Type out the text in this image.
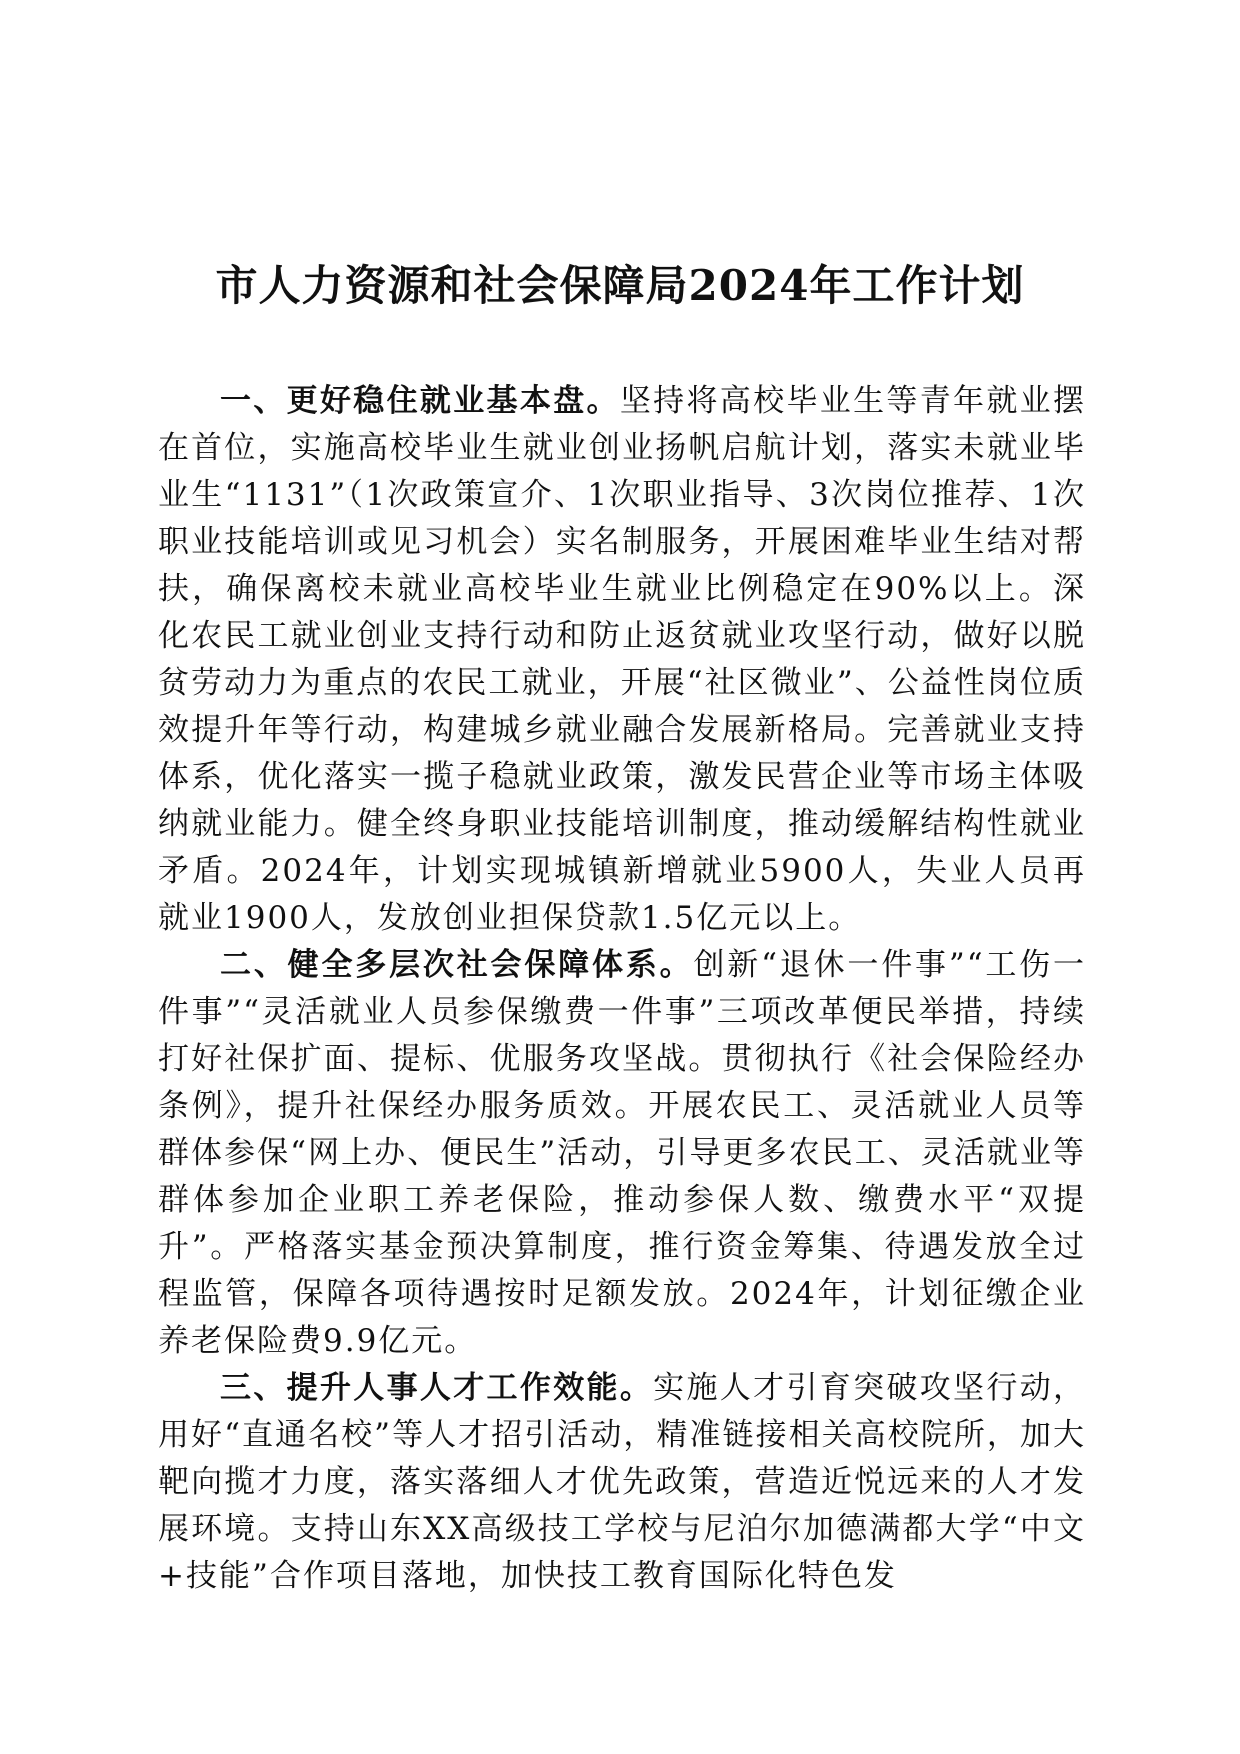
市人力资源和社会保障局2024年工作计划

一、更好稳住就业基本盘。坚持将高校毕业生等青年就业摆在首位，实施高校毕业生就业创业扬帆启航计划，落实未就业毕业生“1131”（1次政策宣介、1次职业指导、3次岗位推荐、1次职业技能培训或见习机会）实名制服务，开展困难毕业生结对帮扶，确保离校未就业高校毕业生就业比例稳定在90%以上。深化农民工就业创业支持行动和防止返贫就业攻坚行动，做好以脱贫劳动力为重点的农民工就业，开展“社区微业”、公益性岗位质效提升年等行动，构建城乡就业融合发展新格局。完善就业支持体系，优化落实一揽子稳就业政策，激发民营企业等市场主体吸纳就业能力。健全终身职业技能培训制度，推动缓解结构性就业矛盾。2024年，计划实现城镇新增就业5900人，失业人员再就业1900人，发放创业担保贷款1.5亿元以上。

二、健全多层次社会保障体系。创新“退休一件事”“工伤一件事”“灵活就业人员参保缴费一件事”三项改革便民举措，持续打好社保扩面、提标、优服务攻坚战。贯彻执行《社会保险经办条例》，提升社保经办服务质效。开展农民工、灵活就业人员等群体参保“网上办、便民生”活动，引导更多农民工、灵活就业等群体参加企业职工养老保险，推动参保人数、缴费水平“双提升”。严格落实基金预决算制度，推行资金筹集、待遇发放全过程监管，保障各项待遇按时足额发放。2024年，计划征缴企业养老保险费9.9亿元。

三、提升人事人才工作效能。实施人才引育突破攻坚行动，用好“直通名校”等人才招引活动，精准链接相关高校院所，加大靶向揽才力度，落实落细人才优先政策，营造近悦远来的人才发展环境。支持山东XX高级技工学校与尼泊尔加德满都大学“中文+技能”合作项目落地，加快技工教育国际化特色发
